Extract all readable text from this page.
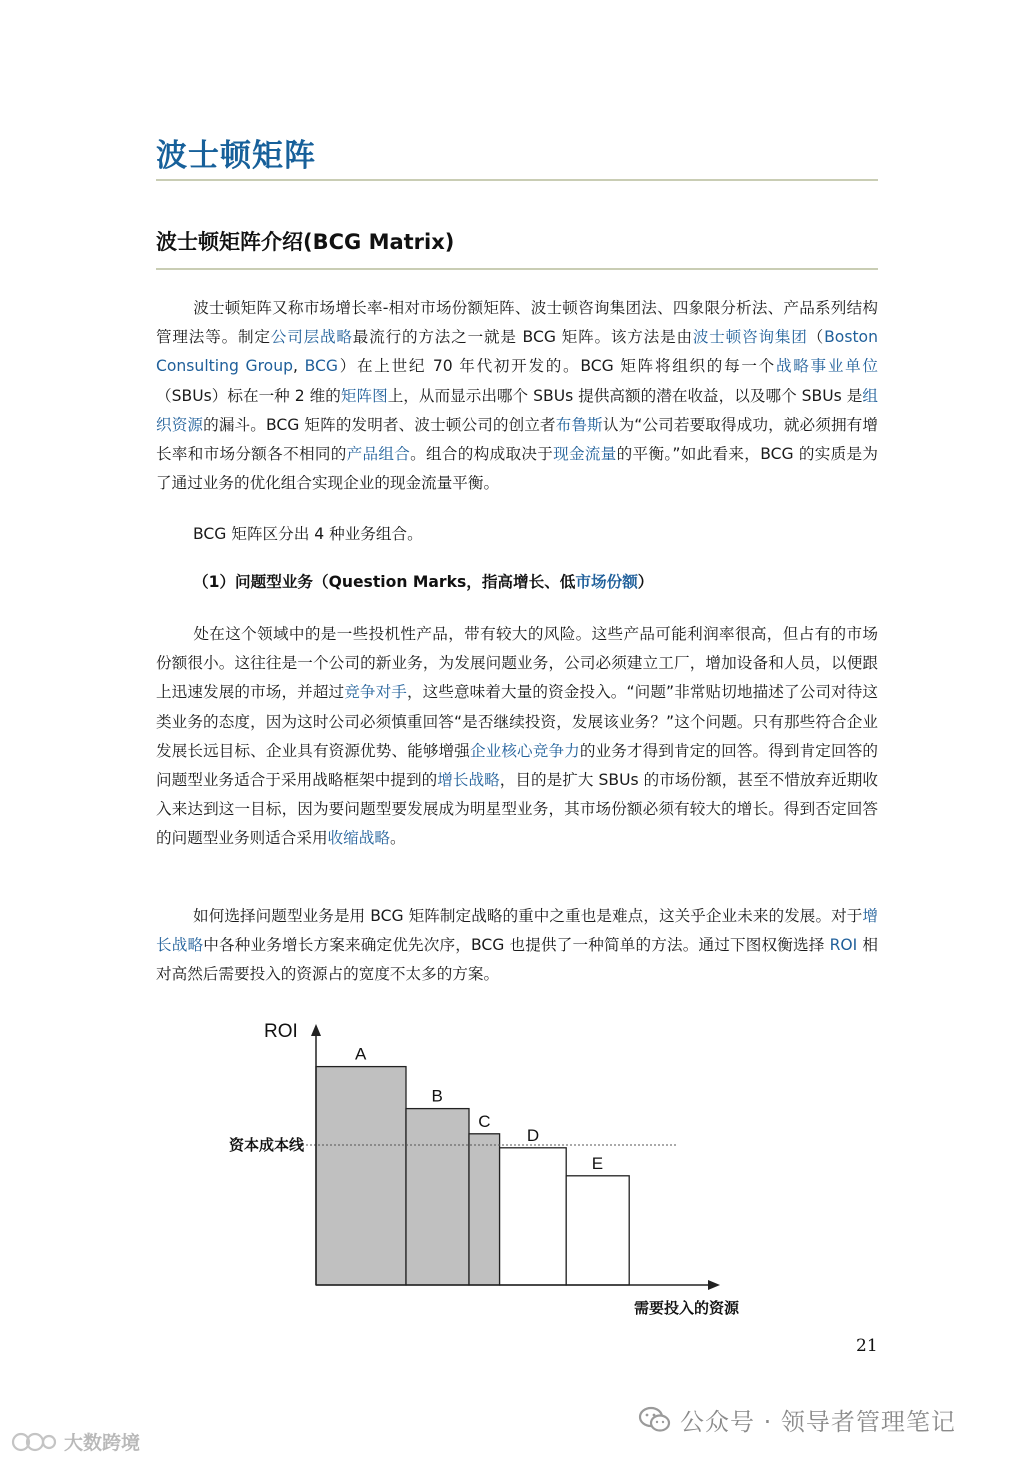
波士顿矩阵
波士顿矩阵介绍(BCG Matrix)

波士顿矩阵又称市场增长率-相对市场份额矩阵、波士顿咨询集团法、四象限分析法、产品系列结构管理法等。制定公司层战略最流行的方法之一就是 BCG 矩阵。该方法是由波士顿咨询集团（Boston Consulting Group, BCG）在上世纪 70 年代初开发的。BCG 矩阵将组织的每一个战略事业单位（SBUs）标在一种 2 维的矩阵图上，从而显示出哪个 SBUs 提供高额的潜在收益，以及哪个 SBUs 是组织资源的漏斗。BCG 矩阵的发明者、波士顿公司的创立者布鲁斯认为“公司若要取得成功，就必须拥有增长率和市场分额各不相同的产品组合。组合的构成取决于现金流量的平衡。”如此看来，BCG 的实质是为了通过业务的优化组合实现企业的现金流量平衡。

BCG 矩阵区分出 4 种业务组合。

（1）问题型业务（Question Marks，指高增长、低市场份额）

处在这个领域中的是一些投机性产品，带有较大的风险。这些产品可能利润率很高，但占有的市场份额很小。这往往是一个公司的新业务，为发展问题业务，公司必须建立工厂，增加设备和人员，以便跟上迅速发展的市场，并超过竞争对手，这些意味着大量的资金投入。“问题”非常贴切地描述了公司对待这类业务的态度，因为这时公司必须慎重回答“是否继续投资，发展该业务？”这个问题。只有那些符合企业发展长远目标、企业具有资源优势、能够增强企业核心竞争力的业务才得到肯定的回答。得到肯定回答的问题型业务适合于采用战略框架中提到的增长战略，目的是扩大 SBUs 的市场份额，甚至不惜放弃近期收入来达到这一目标，因为要问题型要发展成为明星型业务，其市场份额必须有较大的增长。得到否定回答的问题型业务则适合采用收缩战略。

如何选择问题型业务是用 BCG 矩阵制定战略的重中之重也是难点，这关乎企业未来的发展。对于增长战略中各种业务增长方案来确定优先次序，BCG 也提供了一种简单的方法。通过下图权衡选择 ROI 相对高然后需要投入的资源占的宽度不太多的方案。

ROI
需要投入的资源
资本成本线
A
B
C
D
E
21
公众号 · 领导者管理笔记
大数跨境
